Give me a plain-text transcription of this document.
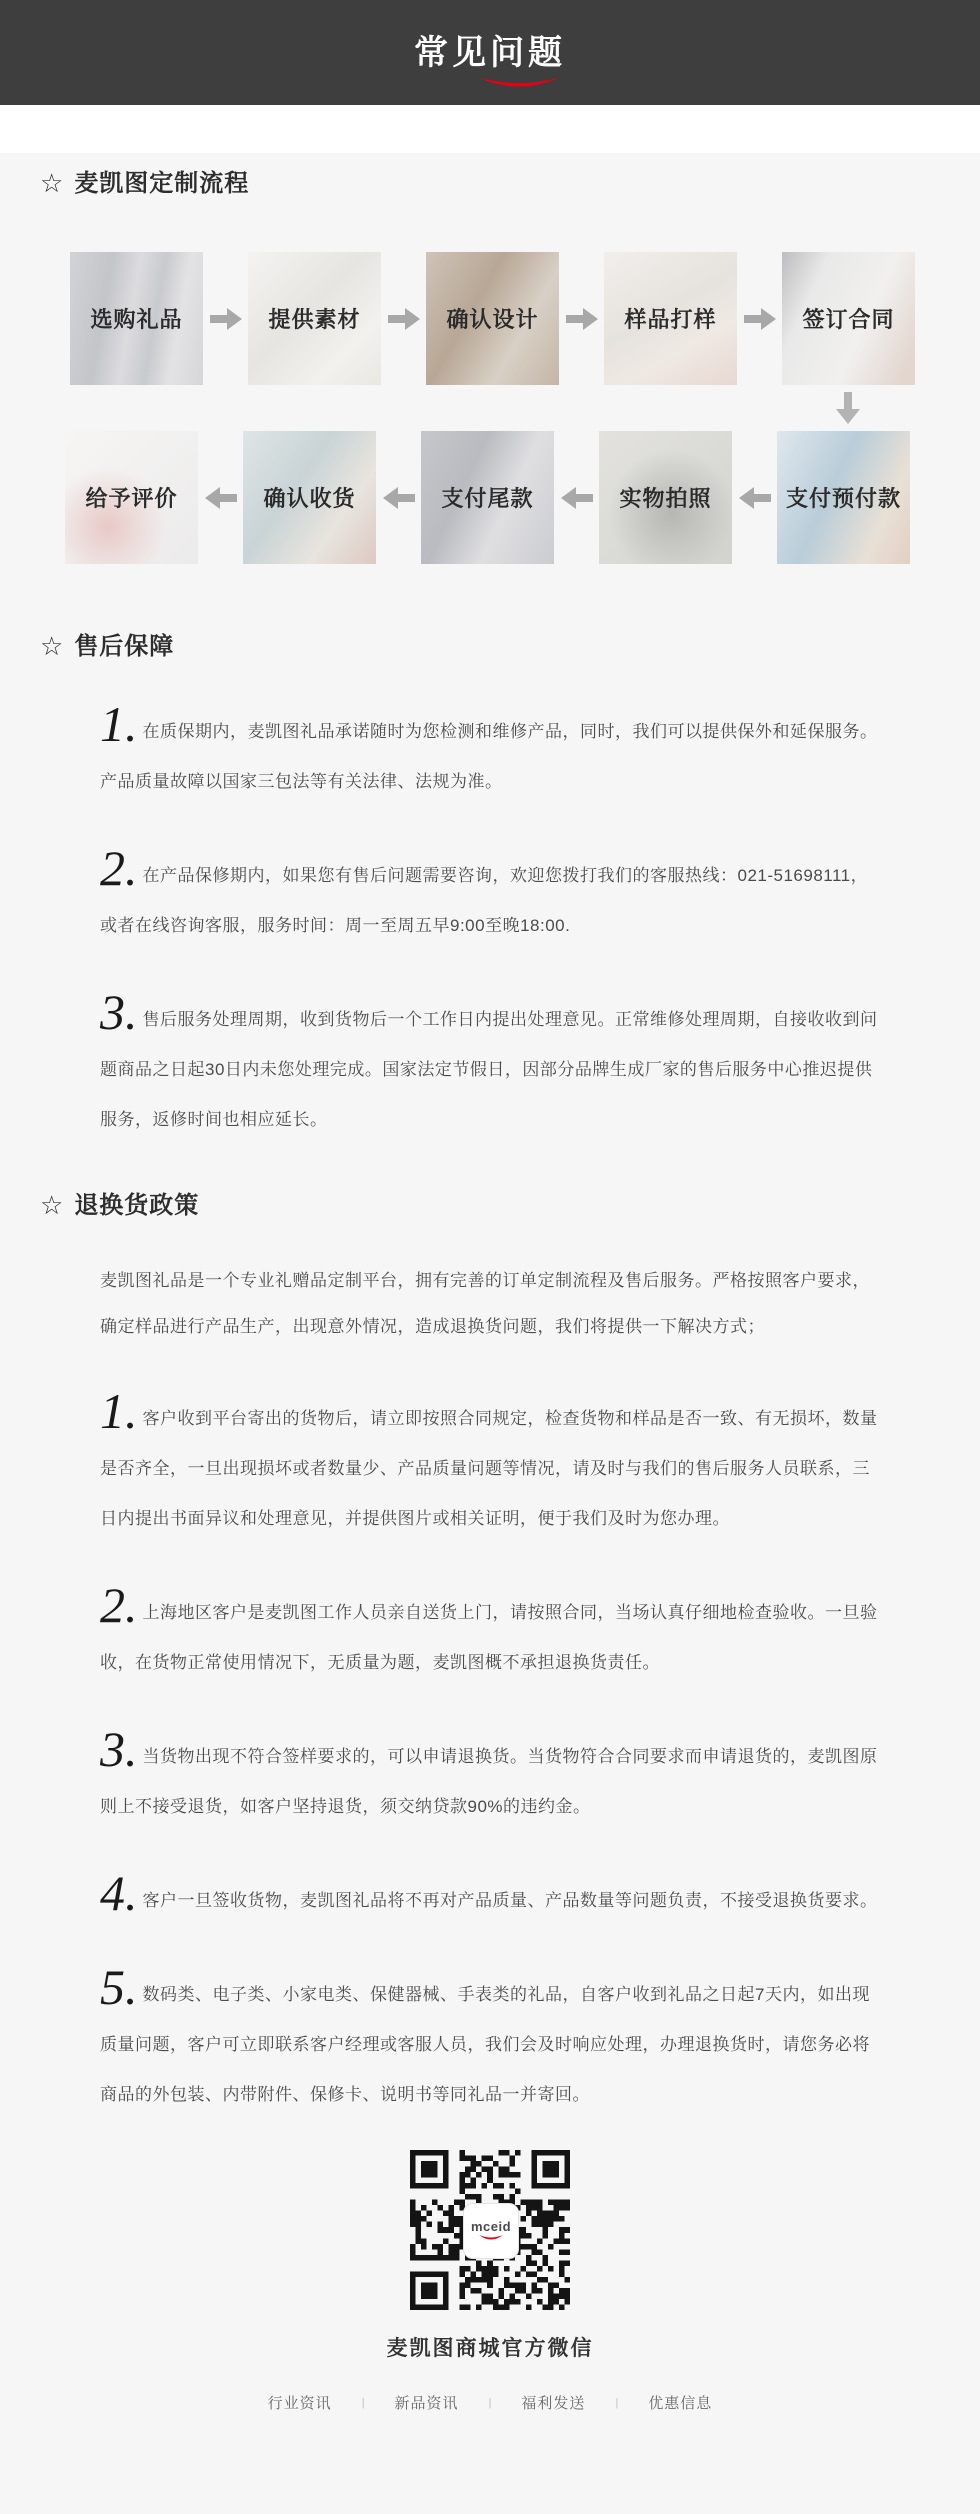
常见问题
☆ 麦凯图定制流程
选购礼品	提供素材	确认设计	样品打样	签订合同
给予评价	确认收货	支付尾款	实物拍照	支付预付款
☆ 售后保障

1. 在质保期内，麦凯图礼品承诺随时为您检测和维修产品，同时，我们可以提供保外和延保服务。产品质量故障以国家三包法等有关法律、法规为准。

2. 在产品保修期内，如果您有售后问题需要咨询，欢迎您拨打我们的客服热线：021-51698111，或者在线咨询客服，服务时间：周一至周五早9:00至晚18:00.

3. 售后服务处理周期，收到货物后一个工作日内提出处理意见。正常维修处理周期，自接收收到问题商品之日起30日内未您处理完成。国家法定节假日，因部分品牌生成厂家的售后服务中心推迟提供服务，返修时间也相应延长。

☆ 退换货政策

麦凯图礼品是一个专业礼赠品定制平台，拥有完善的订单定制流程及售后服务。严格按照客户要求，确定样品进行产品生产，出现意外情况，造成退换货问题，我们将提供一下解决方式；

1. 客户收到平台寄出的货物后，请立即按照合同规定，检查货物和样品是否一致、有无损坏，数量是否齐全，一旦出现损坏或者数量少、产品质量问题等情况，请及时与我们的售后服务人员联系，三日内提出书面异议和处理意见，并提供图片或相关证明，便于我们及时为您办理。

2. 上海地区客户是麦凯图工作人员亲自送货上门，请按照合同，当场认真仔细地检查验收。一旦验收，在货物正常使用情况下，无质量为题，麦凯图概不承担退换货责任。

3. 当货物出现不符合签样要求的，可以申请退换货。当货物符合合同要求而申请退货的，麦凯图原则上不接受退货，如客户坚持退货，须交纳贷款90%的违约金。

4. 客户一旦签收货物，麦凯图礼品将不再对产品质量、产品数量等问题负责，不接受退换货要求。

5. 数码类、电子类、小家电类、保健器械、手表类的礼品，自客户收到礼品之日起7天内，如出现质量问题，客户可立即联系客户经理或客服人员，我们会及时响应处理，办理退换货时，请您务必将商品的外包装、内带附件、保修卡、说明书等同礼品一并寄回。

mceid
麦凯图商城官方微信
行业资讯	| 新品资讯	| 福利发送	| 优惠信息
